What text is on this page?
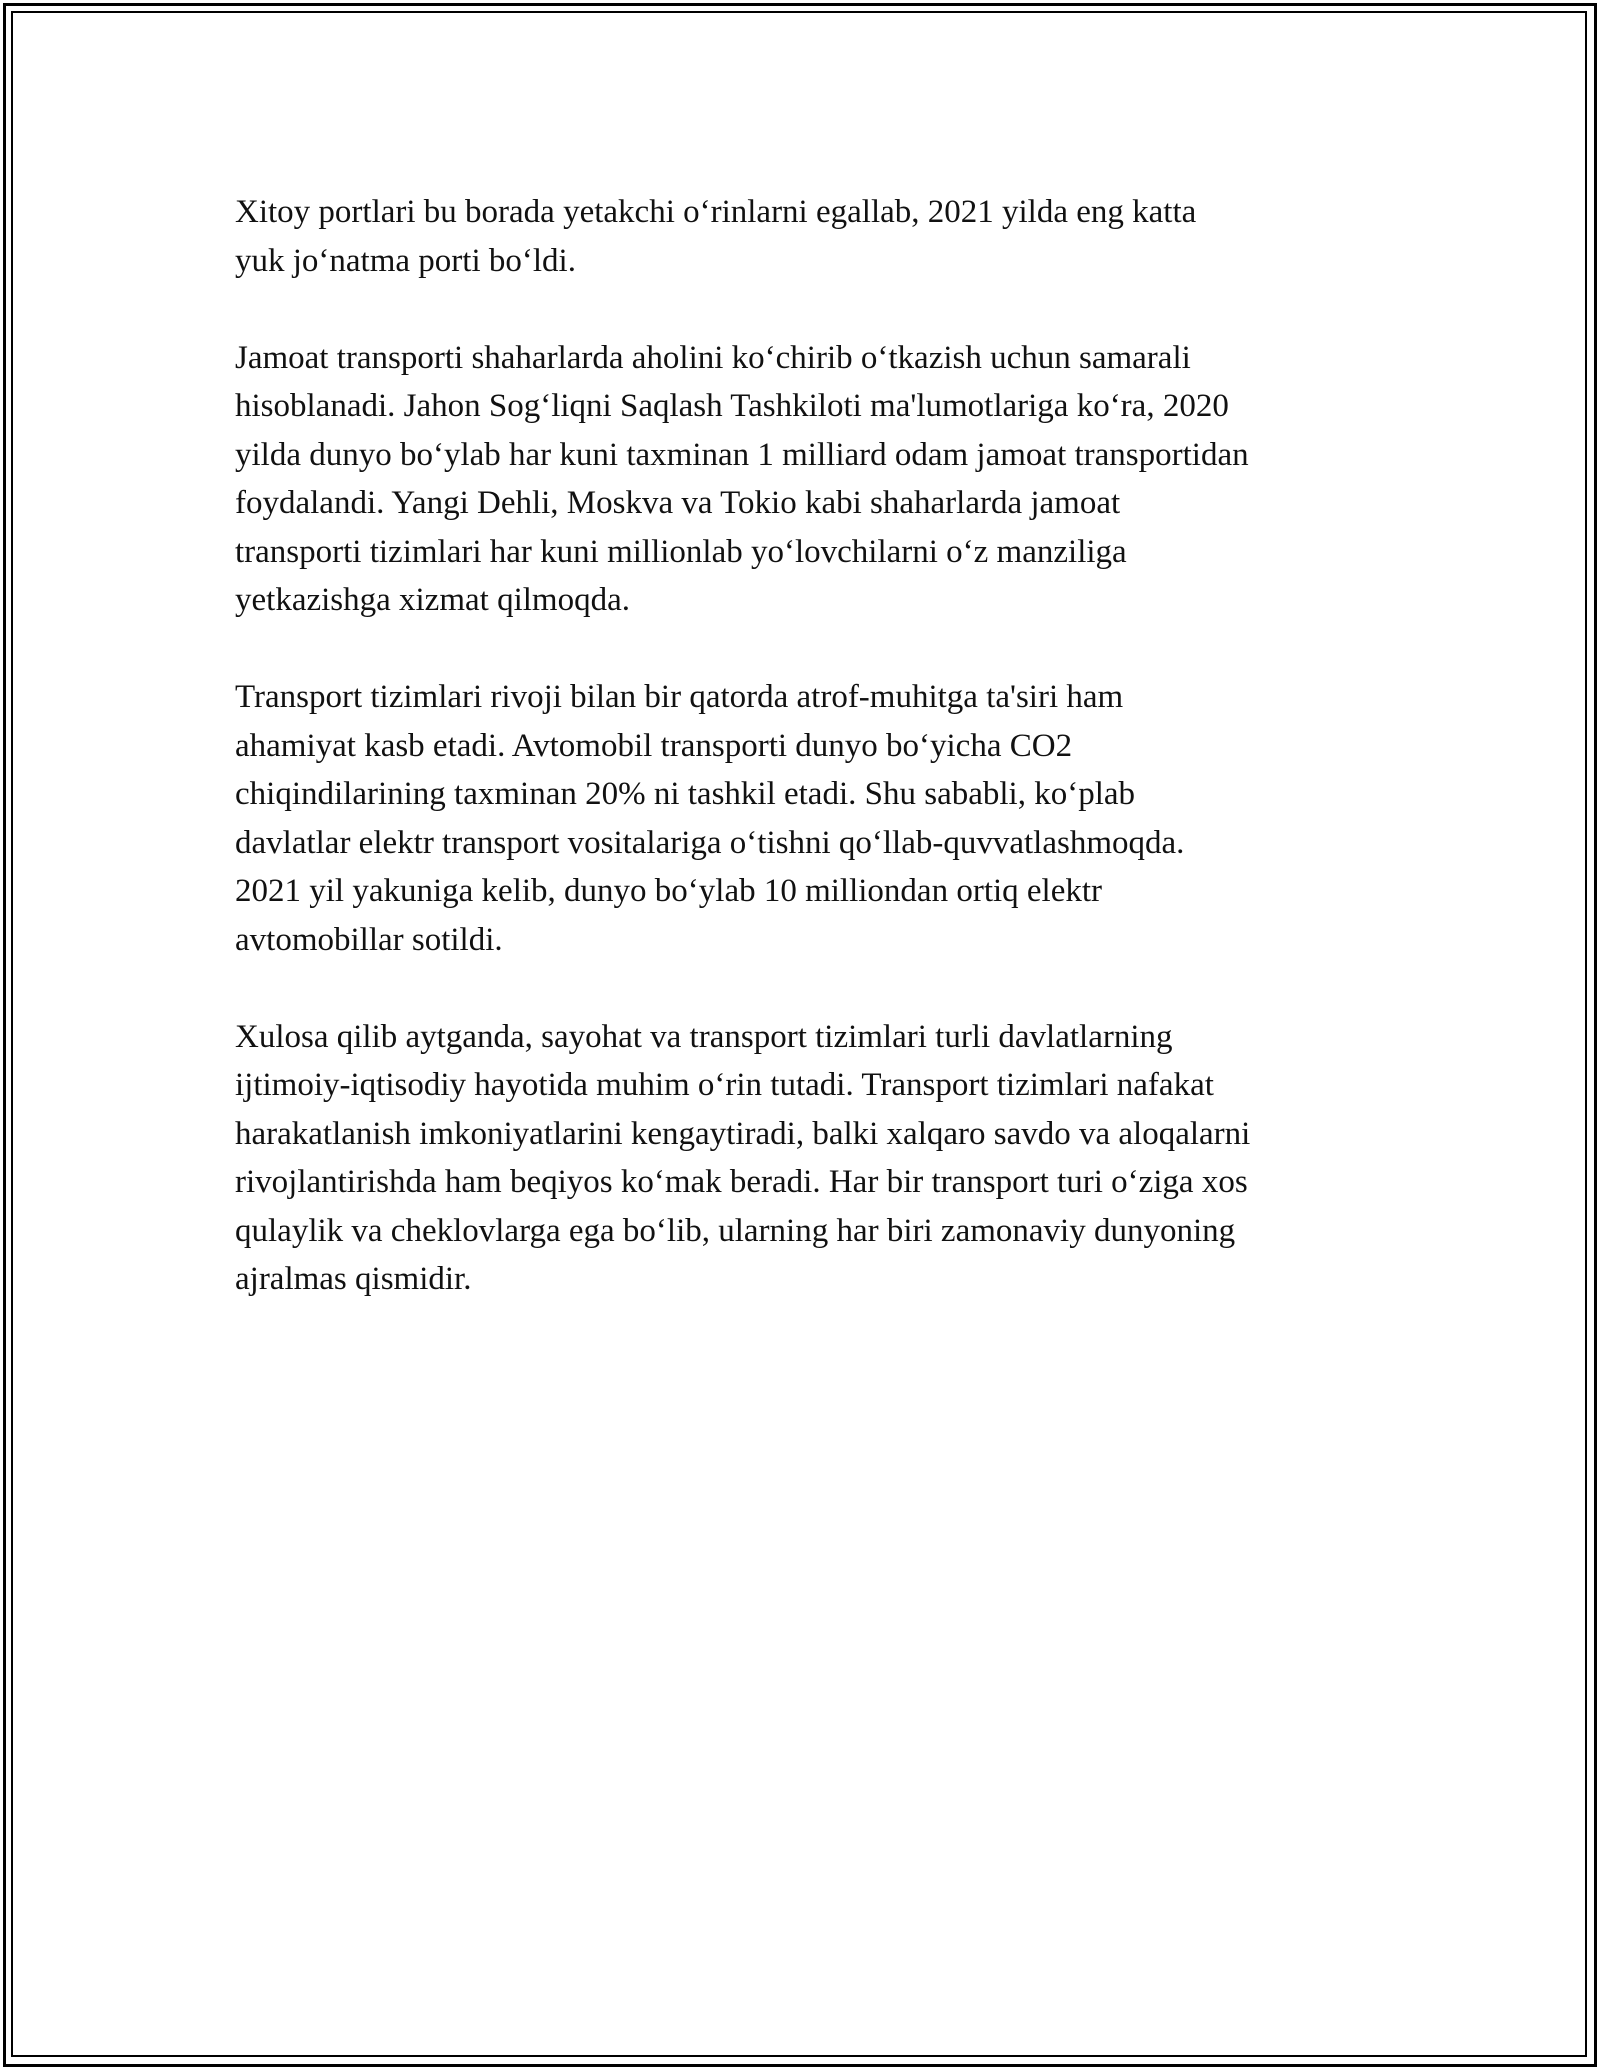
Xitoy portlari bu borada yetakchi o‘rinlarni egallab, 2021 yilda eng katta
yuk jo‘natma porti bo‘ldi.

Jamoat transporti shaharlarda aholini ko‘chirib o‘tkazish uchun samarali
hisoblanadi. Jahon Sog‘liqni Saqlash Tashkiloti ma'lumotlariga ko‘ra, 2020
yilda dunyo bo‘ylab har kuni taxminan 1 milliard odam jamoat transportidan
foydalandi. Yangi Dehli, Moskva va Tokio kabi shaharlarda jamoat
transporti tizimlari har kuni millionlab yo‘lovchilarni o‘z manziliga
yetkazishga xizmat qilmoqda.

Transport tizimlari rivoji bilan bir qatorda atrof-muhitga ta'siri ham
ahamiyat kasb etadi. Avtomobil transporti dunyo bo‘yicha CO2
chiqindilarining taxminan 20% ni tashkil etadi. Shu sababli, ko‘plab
davlatlar elektr transport vositalariga o‘tishni qo‘llab-quvvatlashmoqda.
2021 yil yakuniga kelib, dunyo bo‘ylab 10 milliondan ortiq elektr
avtomobillar sotildi.

Xulosa qilib aytganda, sayohat va transport tizimlari turli davlatlarning
ijtimoiy-iqtisodiy hayotida muhim o‘rin tutadi. Transport tizimlari nafakat
harakatlanish imkoniyatlarini kengaytiradi, balki xalqaro savdo va aloqalarni
rivojlantirishda ham beqiyos ko‘mak beradi. Har bir transport turi o‘ziga xos
qulaylik va cheklovlarga ega bo‘lib, ularning har biri zamonaviy dunyoning
ajralmas qismidir.
